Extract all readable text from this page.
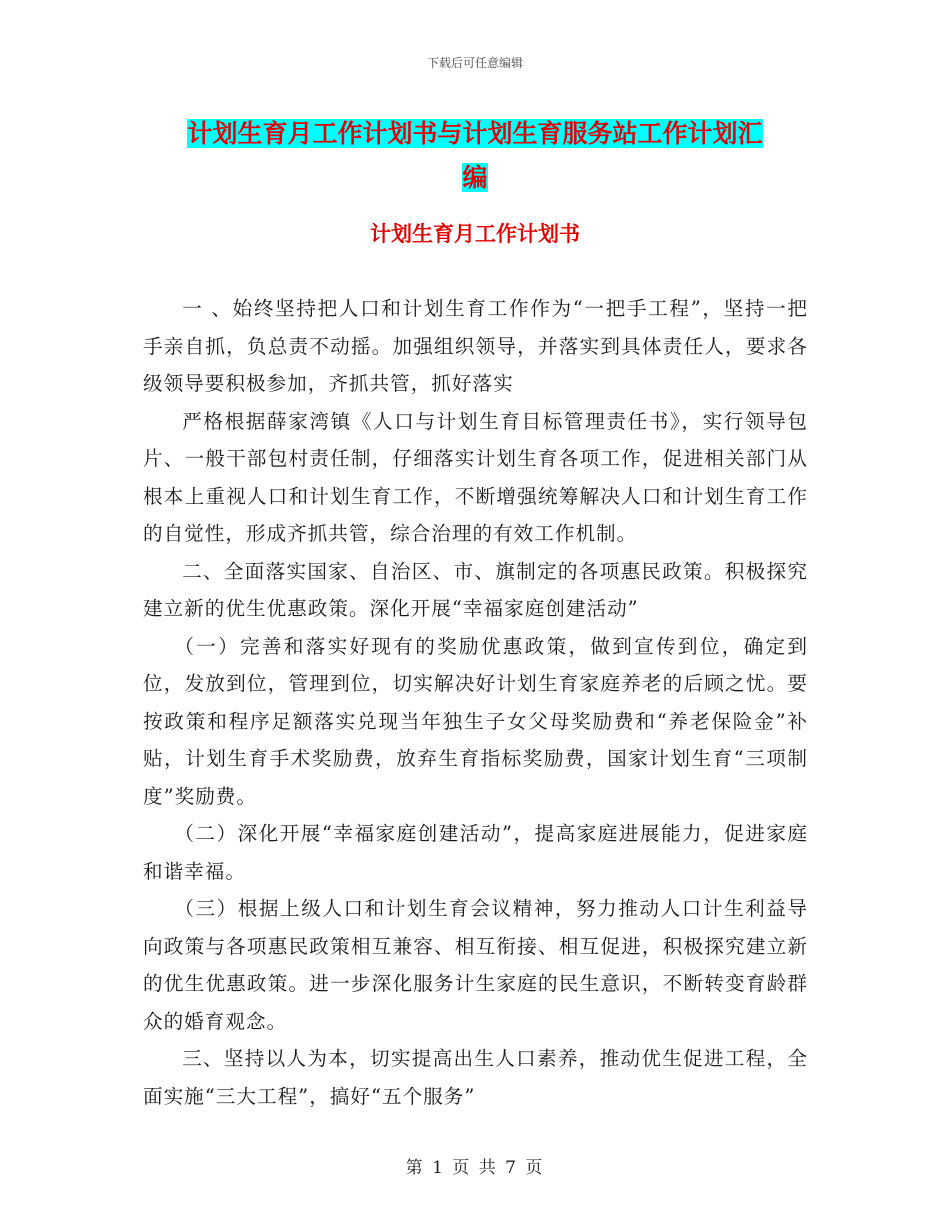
下载后可任意编辑
计划生育月工作计划书与计划生育服务站工作计划汇
编
计划生育月工作计划书

一 、始终坚持把人口和计划生育工作作为“一把手工程”，坚持一把手亲自抓，负总责不动摇。加强组织领导，并落实到具体责任人，要求各级领导要积极参加，齐抓共管，抓好落实

严格根据薛家湾镇《人口与计划生育目标管理责任书》，实行领导包片、一般干部包村责任制，仔细落实计划生育各项工作，促进相关部门从根本上重视人口和计划生育工作，不断增强统筹解决人口和计划生育工作的自觉性，形成齐抓共管，综合治理的有效工作机制。

二、全面落实国家、自治区、市、旗制定的各项惠民政策。积极探究建立新的优生优惠政策。深化开展“幸福家庭创建活动”

（一）完善和落实好现有的奖励优惠政策，做到宣传到位，确定到位，发放到位，管理到位，切实解决好计划生育家庭养老的后顾之忧。要按政策和程序足额落实兑现当年独生子女父母奖励费和“养老保险金”补贴，计划生育手术奖励费，放弃生育指标奖励费，国家计划生育“三项制度”奖励费。

（二）深化开展“幸福家庭创建活动”，提高家庭进展能力，促进家庭和谐幸福。

（三）根据上级人口和计划生育会议精神，努力推动人口计生利益导向政策与各项惠民政策相互兼容、相互衔接、相互促进，积极探究建立新的优生优惠政策。进一步深化服务计生家庭的民生意识，不断转变育龄群众的婚育观念。

三、坚持以人为本，切实提高出生人口素养，推动优生促进工程，全面实施“三大工程”，搞好“五个服务”

第 1 页 共 7 页
